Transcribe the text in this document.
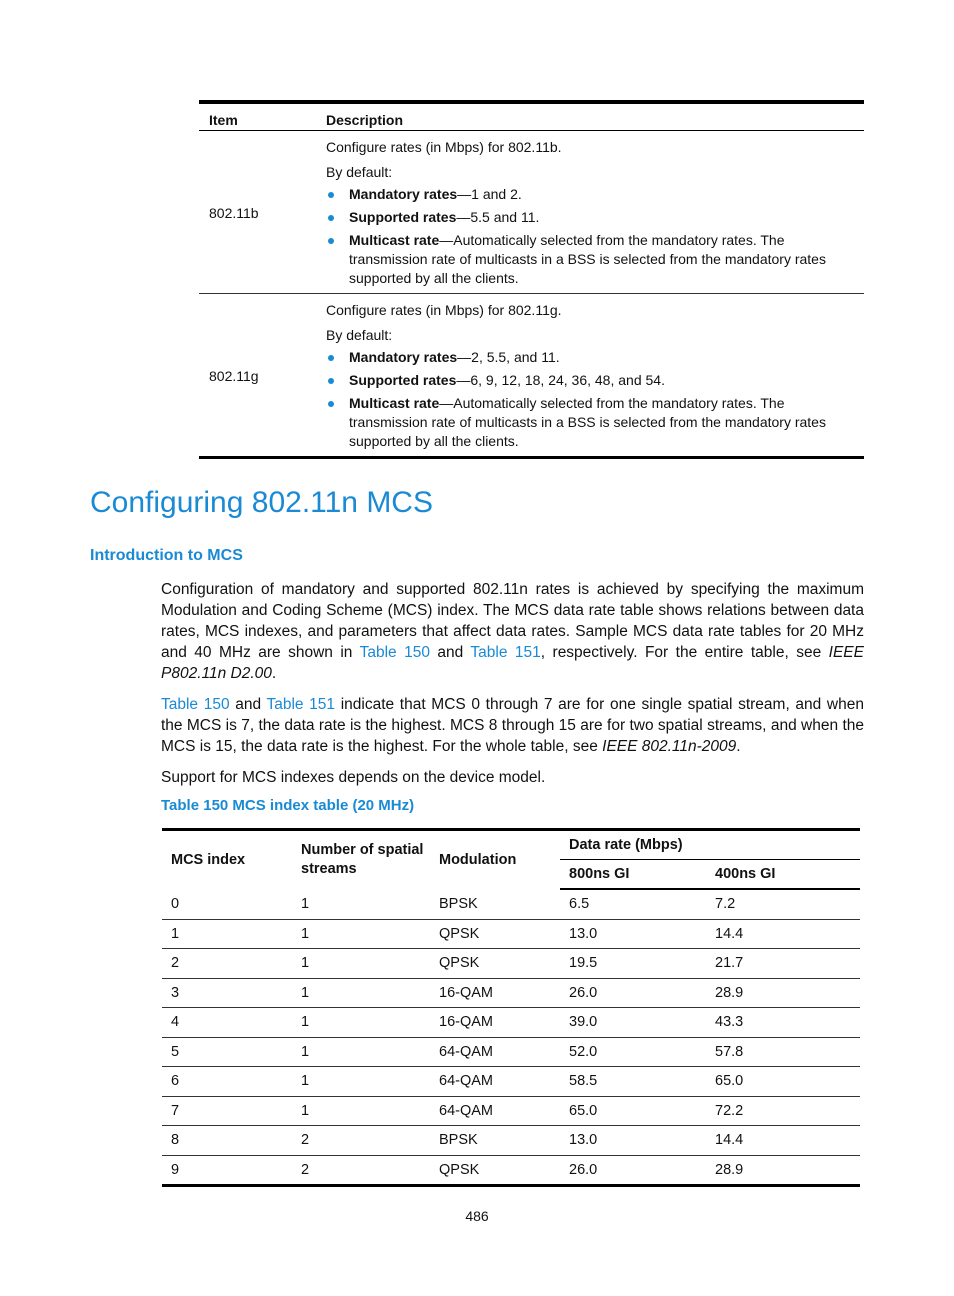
Item	Description
802.11b

Configure rates (in Mbps) for 802.11b.

By default:

Mandatory rates—1 and 2.
Supported rates—5.5 and 11.
Multicast rate—Automatically selected from the mandatory rates. The transmission rate of multicasts in a BSS is selected from the mandatory rates supported by all the clients.
802.11g

Configure rates (in Mbps) for 802.11g.

By default:

Mandatory rates—2, 5.5, and 11.
Supported rates—6, 9, 12, 18, 24, 36, 48, and 54.
Multicast rate—Automatically selected from the mandatory rates. The transmission rate of multicasts in a BSS is selected from the mandatory rates supported by all the clients.
Configuring 802.11n MCS
Introduction to MCS
Configuration of mandatory and supported 802.11n rates is achieved by specifying the maximum Modulation and Coding Scheme (MCS) index. The MCS data rate table shows relations between data rates, MCS indexes, and parameters that affect data rates. Sample MCS data rate tables for 20 MHz and 40 MHz are shown in Table 150 and Table 151, respectively. For the entire table, see IEEE P802.11n D2.00.
Table 150 and Table 151 indicate that MCS 0 through 7 are for one single spatial stream, and when the MCS is 7, the data rate is the highest. MCS 8 through 15 are for two spatial streams, and when the MCS is 15, the data rate is the highest. For the whole table, see IEEE 802.11n-2009.
Support for MCS indexes depends on the device model.
Table 150 MCS index table (20 MHz)
MCS index	Number of spatial streams	Modulation	Data rate (Mbps)	
			800ns GI	400ns GI
0	1	BPSK	6.5	7.2
1	1	QPSK	13.0	14.4
2	1	QPSK	19.5	21.7
3	1	16-QAM	26.0	28.9
4	1	16-QAM	39.0	43.3
5	1	64-QAM	52.0	57.8
6	1	64-QAM	58.5	65.0
7	1	64-QAM	65.0	72.2
8	2	BPSK	13.0	14.4
9	2	QPSK	26.0	28.9
486
